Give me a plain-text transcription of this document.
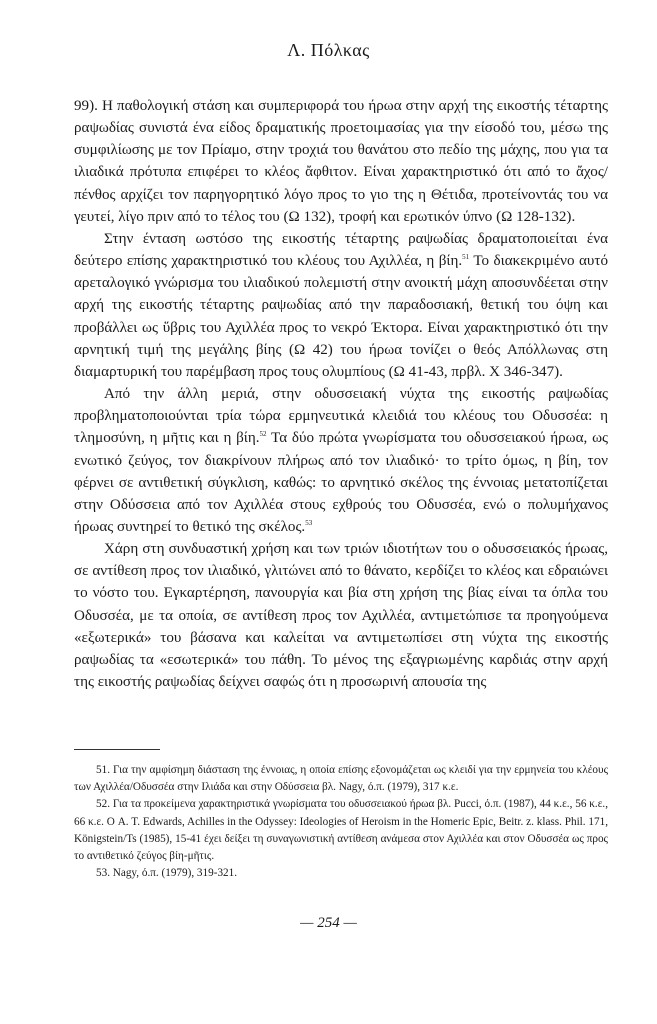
Λ. Πόλκας

99). Η παθολογική στάση και συμπεριφορά του ήρωα στην αρχή της εικοστής τέταρτης ραψωδίας συνιστά ένα είδος δραματικής προετοιμασίας για την είσοδό του, μέσω της συμφιλίωσης με τον Πρίαμο, στην τροχιά του θανάτου στο πεδίο της μάχης, που για τα ιλιαδικά πρότυπα επιφέρει το κλέος ἄφθιτον. Είναι χαρακτηριστικό ότι από το ἄχος/πένθος αρχίζει τον παρηγορητικό λόγο προς το γιο της η Θέτιδα, προτείνοντάς του να γευτεί, λίγο πριν από το τέλος του (Ω 132), τροφή και ερωτικόν ύπνο (Ω 128-132).

Στην ένταση ωστόσο της εικοστής τέταρτης ραψωδίας δραματοποιείται ένα δεύτερο επίσης χαρακτηριστικό του κλέους του Αχιλλέα, η βίη.$^{51}$ Το διακεκριμένο αυτό αρεταλογικό γνώρισμα του ιλιαδικού πολεμιστή στην ανοικτή μάχη αποσυνδέεται στην αρχή της εικοστής τέταρτης ραψωδίας από την παραδοσιακή, θετική του όψη και προβάλλει ως ὕβρις του Αχιλλέα προς το νεκρό Έκτορα. Είναι χαρακτηριστικό ότι την αρνητική τιμή της μεγάλης βίης (Ω 42) του ήρωα τονίζει ο θεός Απόλλωνας στη διαμαρτυρική του παρέμβαση προς τους ολυμπίους (Ω 41-43, πρβλ. Χ 346-347).

Από την άλλη μεριά, στην οδυσσειακή νύχτα της εικοστής ραψωδίας προβληματοποιούνται τρία τώρα ερμηνευτικά κλειδιά του κλέους του Οδυσσέα: η τλημοσύνη, η μῆτις και η βίη.$^{52}$ Τα δύο πρώτα γνωρίσματα του οδυσσειακού ήρωα, ως ενωτικό ζεύγος, τον διακρίνουν πλήρως από τον ιλιαδικό· το τρίτο όμως, η βίη, τον φέρνει σε αντιθετική σύγκλιση, καθώς: το αρνητικό σκέλος της έννοιας μετατοπίζεται στην Οδύσσεια από τον Αχιλλέα στους εχθρούς του Οδυσσέα, ενώ ο πολυμήχανος ήρωας συντηρεί το θετικό της σκέλος.$^{53}$

Χάρη στη συνδυαστική χρήση και των τριών ιδιοτήτων του ο οδυσσειακός ήρωας, σε αντίθεση προς τον ιλιαδικό, γλιτώνει από το θάνατο, κερδίζει το κλέος και εδραιώνει το νόστο του. Εγκαρτέρηση, πανουργία και βία στη χρήση της βίας είναι τα όπλα του Οδυσσέα, με τα οποία, σε αντίθεση προς τον Αχιλλέα, αντιμετώπισε τα προηγούμενα «εξωτερικά» του βάσανα και καλείται να αντιμετωπίσει στη νύχτα της εικοστής ραψωδίας τα «εσωτερικά» του πάθη. Το μένος της εξαγριωμένης καρδιάς στην αρχή της εικοστής ραψωδίας δείχνει σαφώς ότι η προσωρινή απουσία της

51. Για την αμφίσημη διάσταση της έννοιας, η οποία επίσης εξονομάζεται ως κλειδί για την ερμηνεία του κλέους των Αχιλλέα/Οδυσσέα στην Ιλιάδα και στην Οδύσσεια βλ. Nagy, ό.π. (1979), 317 κ.ε.

52. Για τα προκείμενα χαρακτηριστικά γνωρίσματα του οδυσσειακού ήρωα βλ. Pucci, ό.π. (1987), 44 κ.ε., 56 κ.ε., 66 κ.ε. Ο A. T. Edwards, Achilles in the Odyssey: Ideologies of Heroism in the Homeric Epic, Beitr. z. klass. Phil. 171, Königstein/Ts (1985), 15-41 έχει δείξει τη συναγωνιστική αντίθεση ανάμεσα στον Αχιλλέα και στον Οδυσσέα ως προς το αντιθετικό ζεύγος βίη-μῆτις.

53. Nagy, ό.π. (1979), 319-321.

— 254 —
